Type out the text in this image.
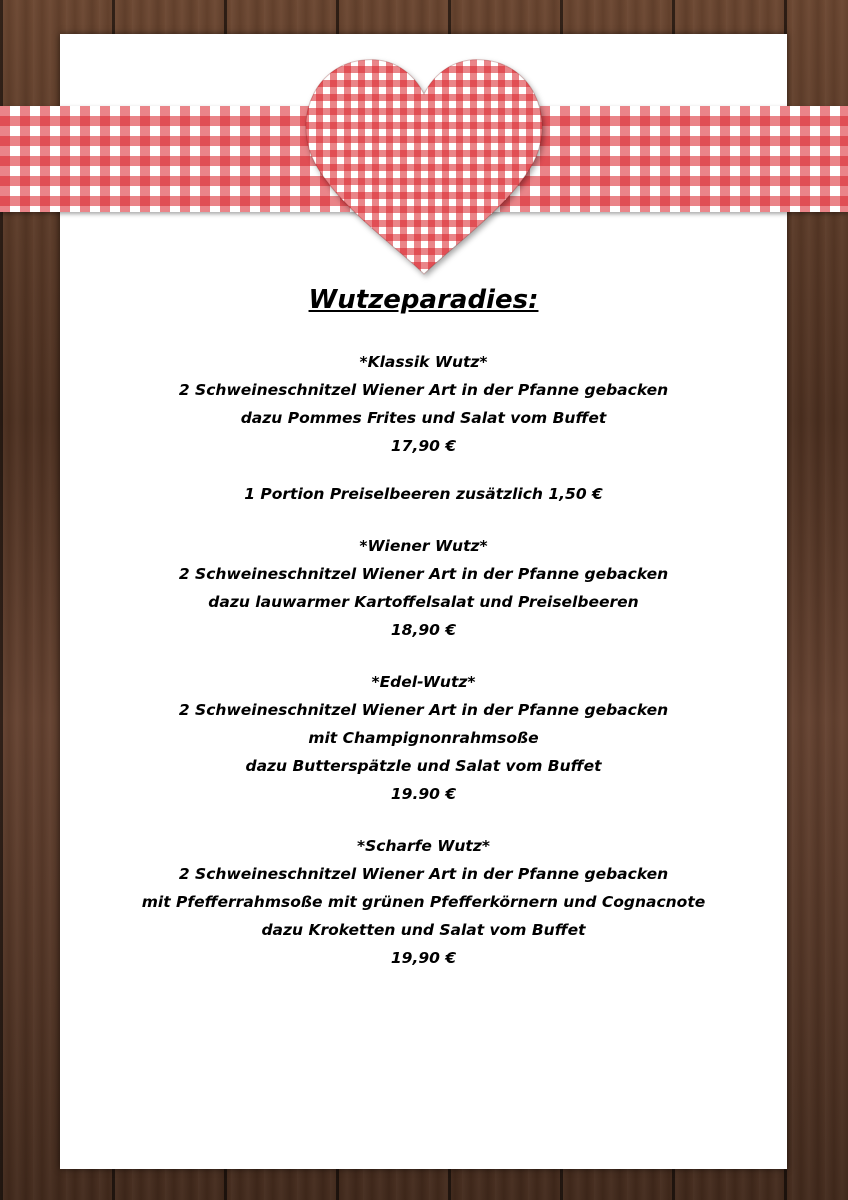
Wutzeparadies:
*Klassik Wutz*
2 Schweineschnitzel Wiener Art in der Pfanne gebacken
dazu Pommes Frites und Salat vom Buffet
17,90 €
1 Portion Preiselbeeren zusätzlich 1,50 €
*Wiener Wutz*
2 Schweineschnitzel Wiener Art in der Pfanne gebacken
dazu lauwarmer Kartoffelsalat und Preiselbeeren
18,90 €
*Edel-Wutz*
2 Schweineschnitzel Wiener Art in der Pfanne gebacken
mit Champignonrahmsoße
dazu Butterspätzle und Salat vom Buffet
19.90 €
*Scharfe Wutz*
2 Schweineschnitzel Wiener Art in der Pfanne gebacken
mit Pfefferrahmsoße mit grünen Pfefferkörnern und Cognacnote
dazu Kroketten und Salat vom Buffet
19,90 €
